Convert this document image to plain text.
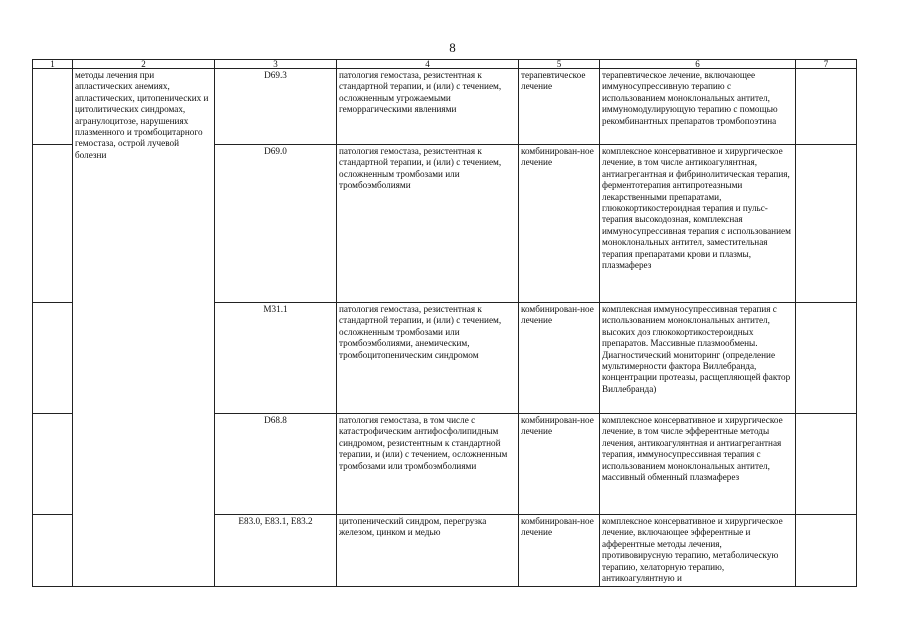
8
1	2	3	4	5	6	7
	методы лечения при апластических анемиях, апластических, цитопенических и цитолитических синдромах, агранулоцитозе, нарушениях плазменного и тромбоцитарного гемостаза, острой лучевой болезни	D69.3	патология гемостаза, резистентная к стандартной терапии, и (или) с течением, осложненным угрожаемыми геморрагическими явлениями	терапевтическое лечение	терапевтическое лечение, включающее иммуносупрессивную терапию с использованием моноклональных антител, иммуномодулирующую терапию с помощью рекомбинантных препаратов тромбопоэтина	
		D69.0	патология гемостаза, резистентная к стандартной терапии, и (или) с течением, осложненным тромбозами или тромбоэмболиями	комбинирован-ное лечение	комплексное консервативное и хирургическое лечение, в том числе антикоагулянтная, антиагрегантная и фибринолитическая терапия, ферментотерапия антипротеазными лекарственными препаратами, глюкокортикостероидная терапия и пульс-терапия высокодозная, комплексная иммуносупрессивная терапия с использованием моноклональных антител, заместительная терапия препаратами крови и плазмы, плазмаферез	
		M31.1	патология гемостаза, резистентная к стандартной терапии, и (или) с течением, осложненным тромбозами или тромбоэмболиями, анемическим, тромбоцитопеническим синдромом	комбинирован-ное лечение	комплексная иммуносупрессивная терапия с использованием моноклональных антител, высоких доз глюкокортикостероидных препаратов. Массивные плазмообмены. Диагностический мониторинг (определение мультимерности фактора Виллебранда, концентрации протеазы, расщепляющей фактор Виллебранда)	
		D68.8	патология гемостаза, в том числе с катастрофическим антифосфолипидным синдромом, резистентным к стандартной терапии, и (или) с течением, осложненным тромбозами или тромбоэмболиями	комбинирован-ное лечение	комплексное консервативное и хирургическое лечение, в том числе эфферентные методы лечения, антикоагулянтная и антиагрегантная терапия, иммуносупрессивная терапия с использованием моноклональных антител, массивный обменный плазмаферез	
		E83.0, E83.1, E83.2	цитопенический синдром, перегрузка железом, цинком и медью	комбинирован-ное лечение	комплексное консервативное и хирургическое лечение, включающее эфферентные и афферентные методы лечения, противовирусную терапию, метаболическую терапию, хелаторную терапию, антикоагулянтную и	
